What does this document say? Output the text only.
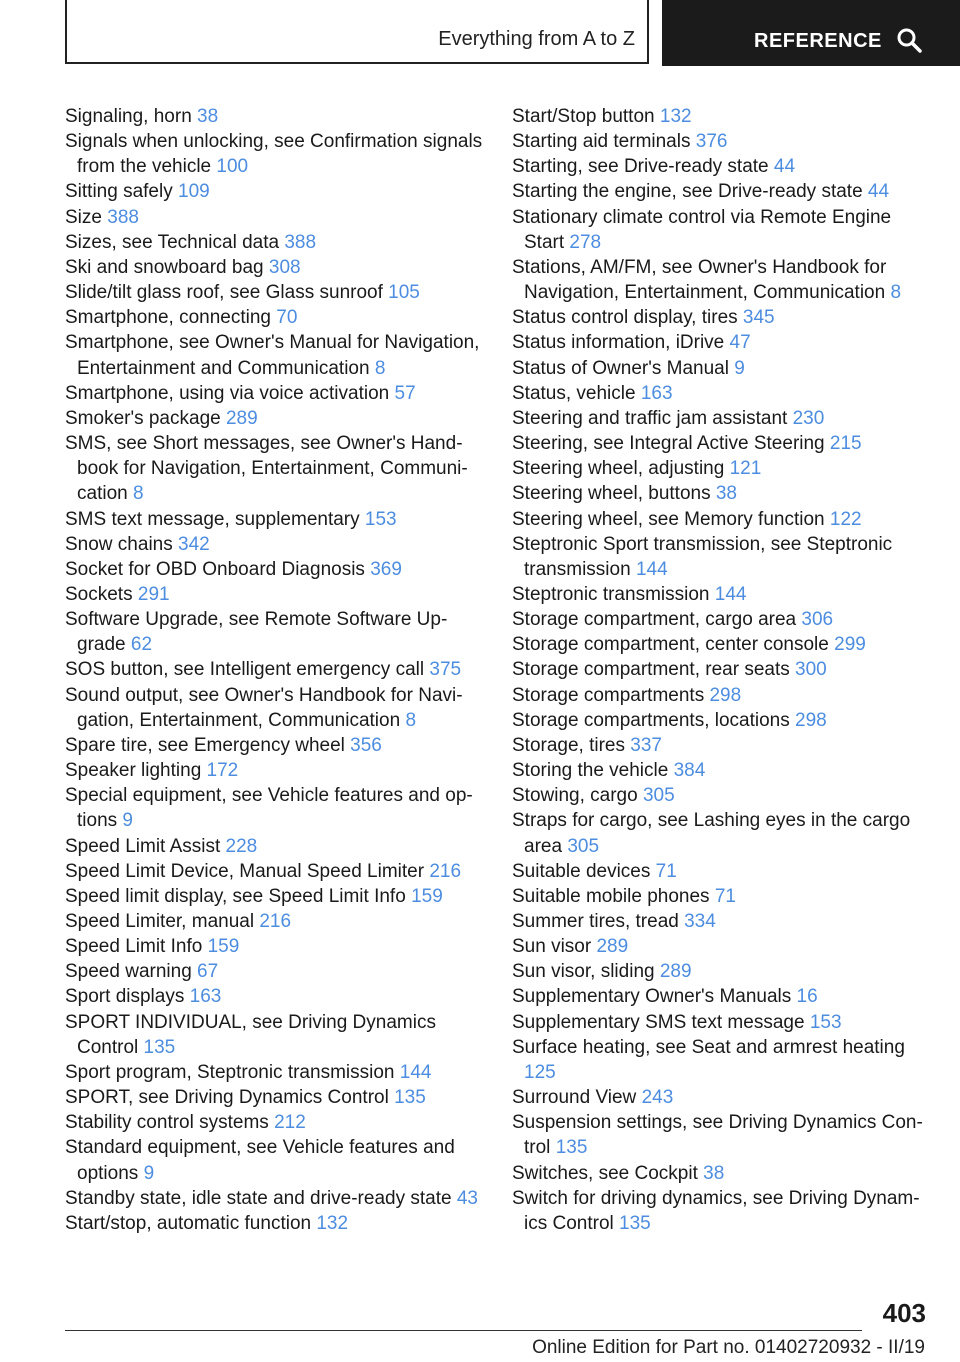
Everything from A to Z	REFERENCE
Signaling, horn 38
Signals when unlocking, see Confirmation signals from the vehicle 100
Sitting safely 109
Size 388
Sizes, see Technical data 388
Ski and snowboard bag 308
Slide/tilt glass roof, see Glass sunroof 105
Smartphone, connecting 70
Smartphone, see Owner's Manual for Navigation, Entertainment and Communication 8
Smartphone, using via voice activation 57
Smoker's package 289
SMS, see Short messages, see Owner's Handbook for Navigation, Entertainment, Communication 8
SMS text message, supplementary 153
Snow chains 342
Socket for OBD Onboard Diagnosis 369
Sockets 291
Software Upgrade, see Remote Software Upgrade 62
SOS button, see Intelligent emergency call 375
Sound output, see Owner's Handbook for Navigation, Entertainment, Communication 8
Spare tire, see Emergency wheel 356
Speaker lighting 172
Special equipment, see Vehicle features and options 9
Speed Limit Assist 228
Speed Limit Device, Manual Speed Limiter 216
Speed limit display, see Speed Limit Info 159
Speed Limiter, manual 216
Speed Limit Info 159
Speed warning 67
Sport displays 163
SPORT INDIVIDUAL, see Driving Dynamics Control 135
Sport program, Steptronic transmission 144
SPORT, see Driving Dynamics Control 135
Stability control systems 212
Standard equipment, see Vehicle features and options 9
Standby state, idle state and drive-ready state 43
Start/stop, automatic function 132
Start/Stop button 132
Starting aid terminals 376
Starting, see Drive-ready state 44
Starting the engine, see Drive-ready state 44
Stationary climate control via Remote Engine Start 278
Stations, AM/FM, see Owner's Handbook for Navigation, Entertainment, Communication 8
Status control display, tires 345
Status information, iDrive 47
Status of Owner's Manual 9
Status, vehicle 163
Steering and traffic jam assistant 230
Steering, see Integral Active Steering 215
Steering wheel, adjusting 121
Steering wheel, buttons 38
Steering wheel, see Memory function 122
Steptronic Sport transmission, see Steptronic transmission 144
Steptronic transmission 144
Storage compartment, cargo area 306
Storage compartment, center console 299
Storage compartment, rear seats 300
Storage compartments 298
Storage compartments, locations 298
Storage, tires 337
Storing the vehicle 384
Stowing, cargo 305
Straps for cargo, see Lashing eyes in the cargo area 305
Suitable devices 71
Suitable mobile phones 71
Summer tires, tread 334
Sun visor 289
Sun visor, sliding 289
Supplementary Owner's Manuals 16
Supplementary SMS text message 153
Surface heating, see Seat and armrest heating 125
Surround View 243
Suspension settings, see Driving Dynamics Control 135
Switches, see Cockpit 38
Switch for driving dynamics, see Driving Dynamics Control 135
403
Online Edition for Part no. 01402720932 - II/19
